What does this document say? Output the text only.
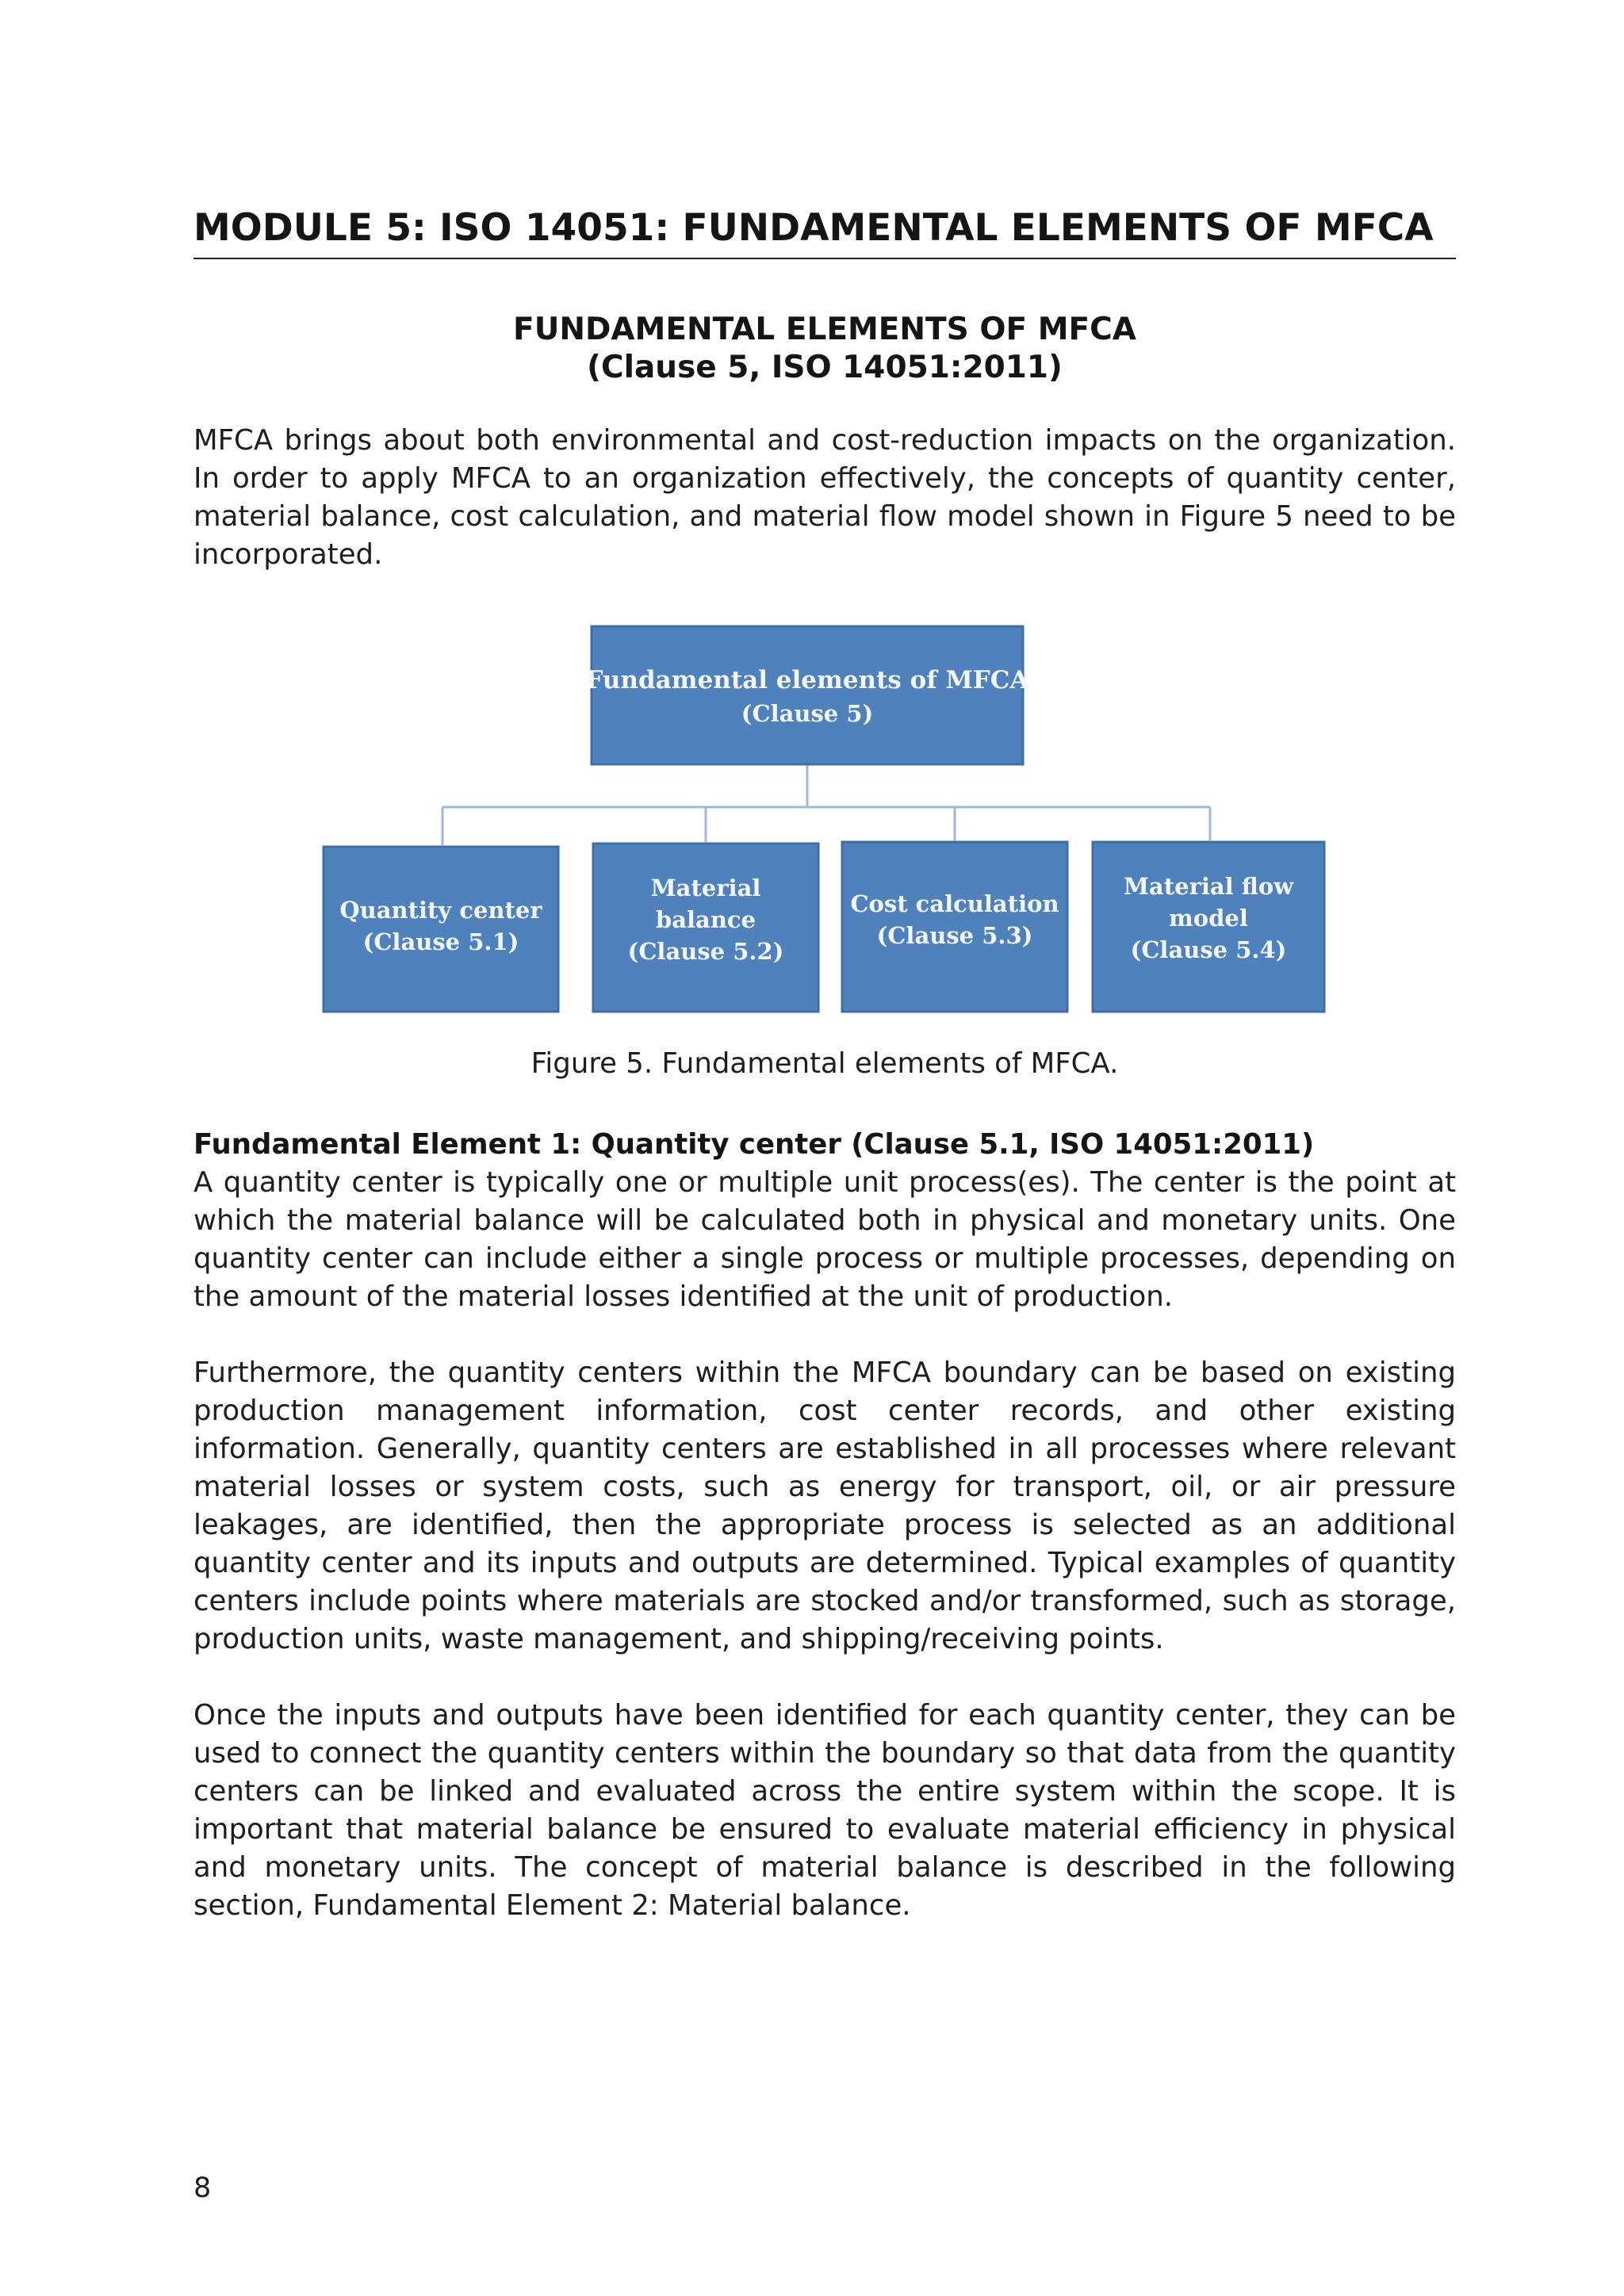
MODULE 5: ISO 14051: FUNDAMENTAL ELEMENTS OF MFCA
FUNDAMENTAL ELEMENTS OF MFCA
(Clause 5, ISO 14051:2011)

MFCA brings about both environmental and cost-reduction impacts on the organization. In order to apply MFCA to an organization effectively, the concepts of quantity center, material balance, cost calculation, and material flow model shown in Figure 5 need to be incorporated.

Fundamental elements of MFCA
(Clause 5)
Quantity center
(Clause 5.1)
Material
balance
(Clause 5.2)
Cost calculation
(Clause 5.3)
Material flow
model
(Clause 5.4)
Figure 5. Fundamental elements of MFCA.
Fundamental Element 1: Quantity center (Clause 5.1, ISO 14051:2011)

A quantity center is typically one or multiple unit process(es). The center is the point at which the material balance will be calculated both in physical and monetary units. One quantity center can include either a single process or multiple processes, depending on the amount of the material losses identified at the unit of production.

Furthermore, the quantity centers within the MFCA boundary can be based on existing production management information, cost center records, and other existing information. Generally, quantity centers are established in all processes where relevant material losses or system costs, such as energy for transport, oil, or air pressure leakages, are identified, then the appropriate process is selected as an additional quantity center and its inputs and outputs are determined. Typical examples of quantity centers include points where materials are stocked and/or transformed, such as storage, production units, waste management, and shipping/receiving points.

Once the inputs and outputs have been identified for each quantity center, they can be used to connect the quantity centers within the boundary so that data from the quantity centers can be linked and evaluated across the entire system within the scope. It is important that material balance be ensured to evaluate material efficiency in physical and monetary units. The concept of material balance is described in the following section, Fundamental Element 2: Material balance.

8
